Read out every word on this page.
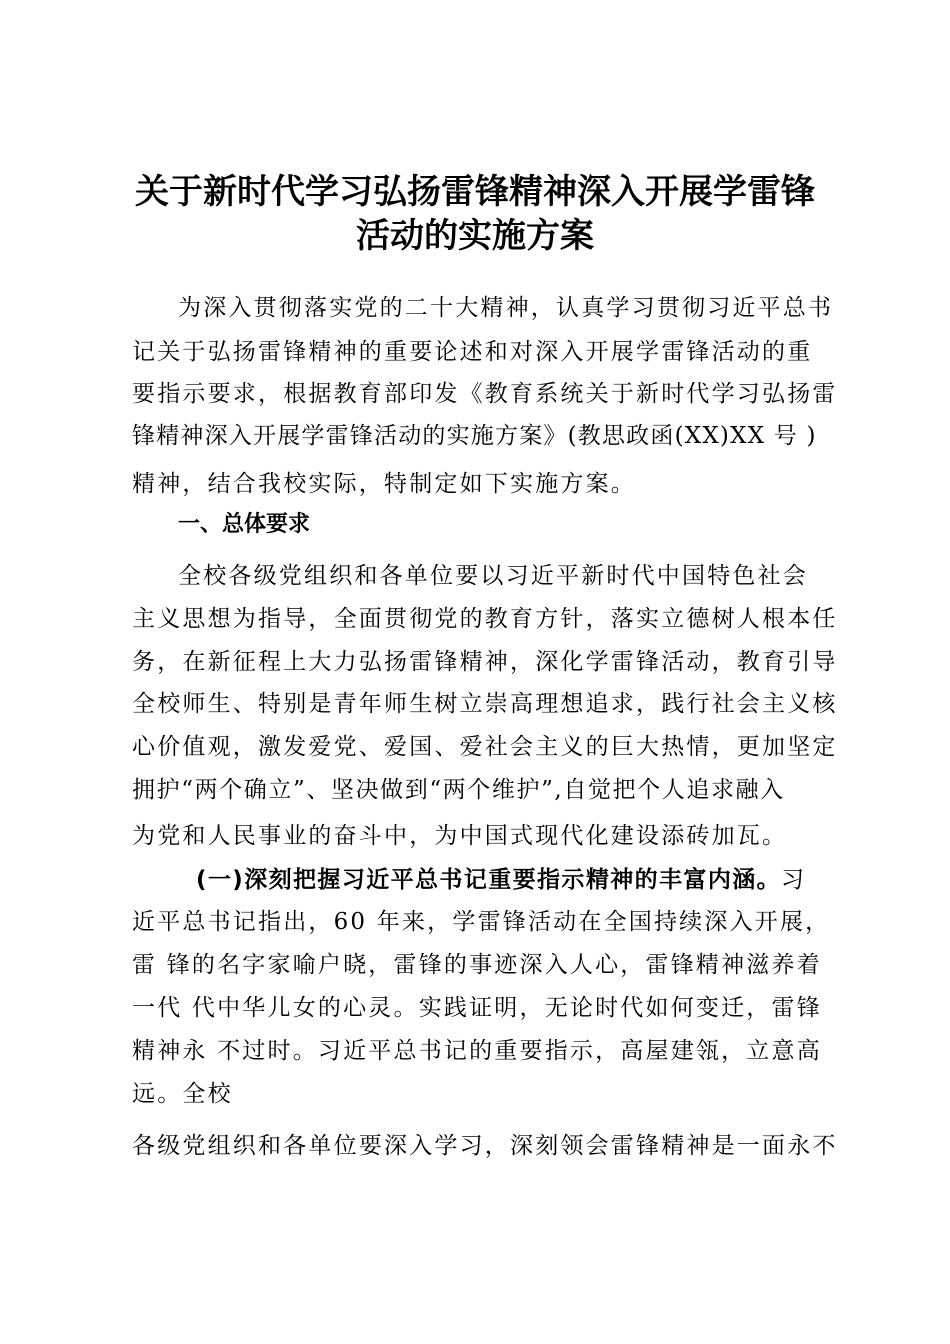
关于新时代学习弘扬雷锋精神深入开展学雷锋
活动的实施方案
为深入贯彻落实党的二十大精神，认真学习贯彻习近平总书
记关于弘扬雷锋精神的重要论述和对深入开展学雷锋活动的重
要指示要求，根据教育部印发《教育系统关于新时代学习弘扬雷
锋精神深入开展学雷锋活动的实施方案》(教思政函(XX)XX 号 )
精神，结合我校实际，特制定如下实施方案。
一、总体要求
全校各级党组织和各单位要以习近平新时代中国特色社会
主义思想为指导，全面贯彻党的教育方针，落实立德树人根本任
务，在新征程上大力弘扬雷锋精神，深化学雷锋活动，教育引导
全校师生、特别是青年师生树立崇高理想追求，践行社会主义核
心价值观，激发爱党、爱国、爱社会主义的巨大热情，更加坚定
拥护“两个确立”、坚决做到“两个维护”,自觉把个人追求融入
为党和人民事业的奋斗中，为中国式现代化建设添砖加瓦。
(一)深刻把握习近平总书记重要指示精神的丰富内涵。习
近平总书记指出，60 年来，学雷锋活动在全国持续深入开展，
雷 锋的名字家喻户晓，雷锋的事迹深入人心，雷锋精神滋养着
一代 代中华儿女的心灵。实践证明，无论时代如何变迁，雷锋
精神永 不过时。习近平总书记的重要指示，高屋建瓴，立意高
远。全校
各级党组织和各单位要深入学习，深刻领会雷锋精神是一面永不
